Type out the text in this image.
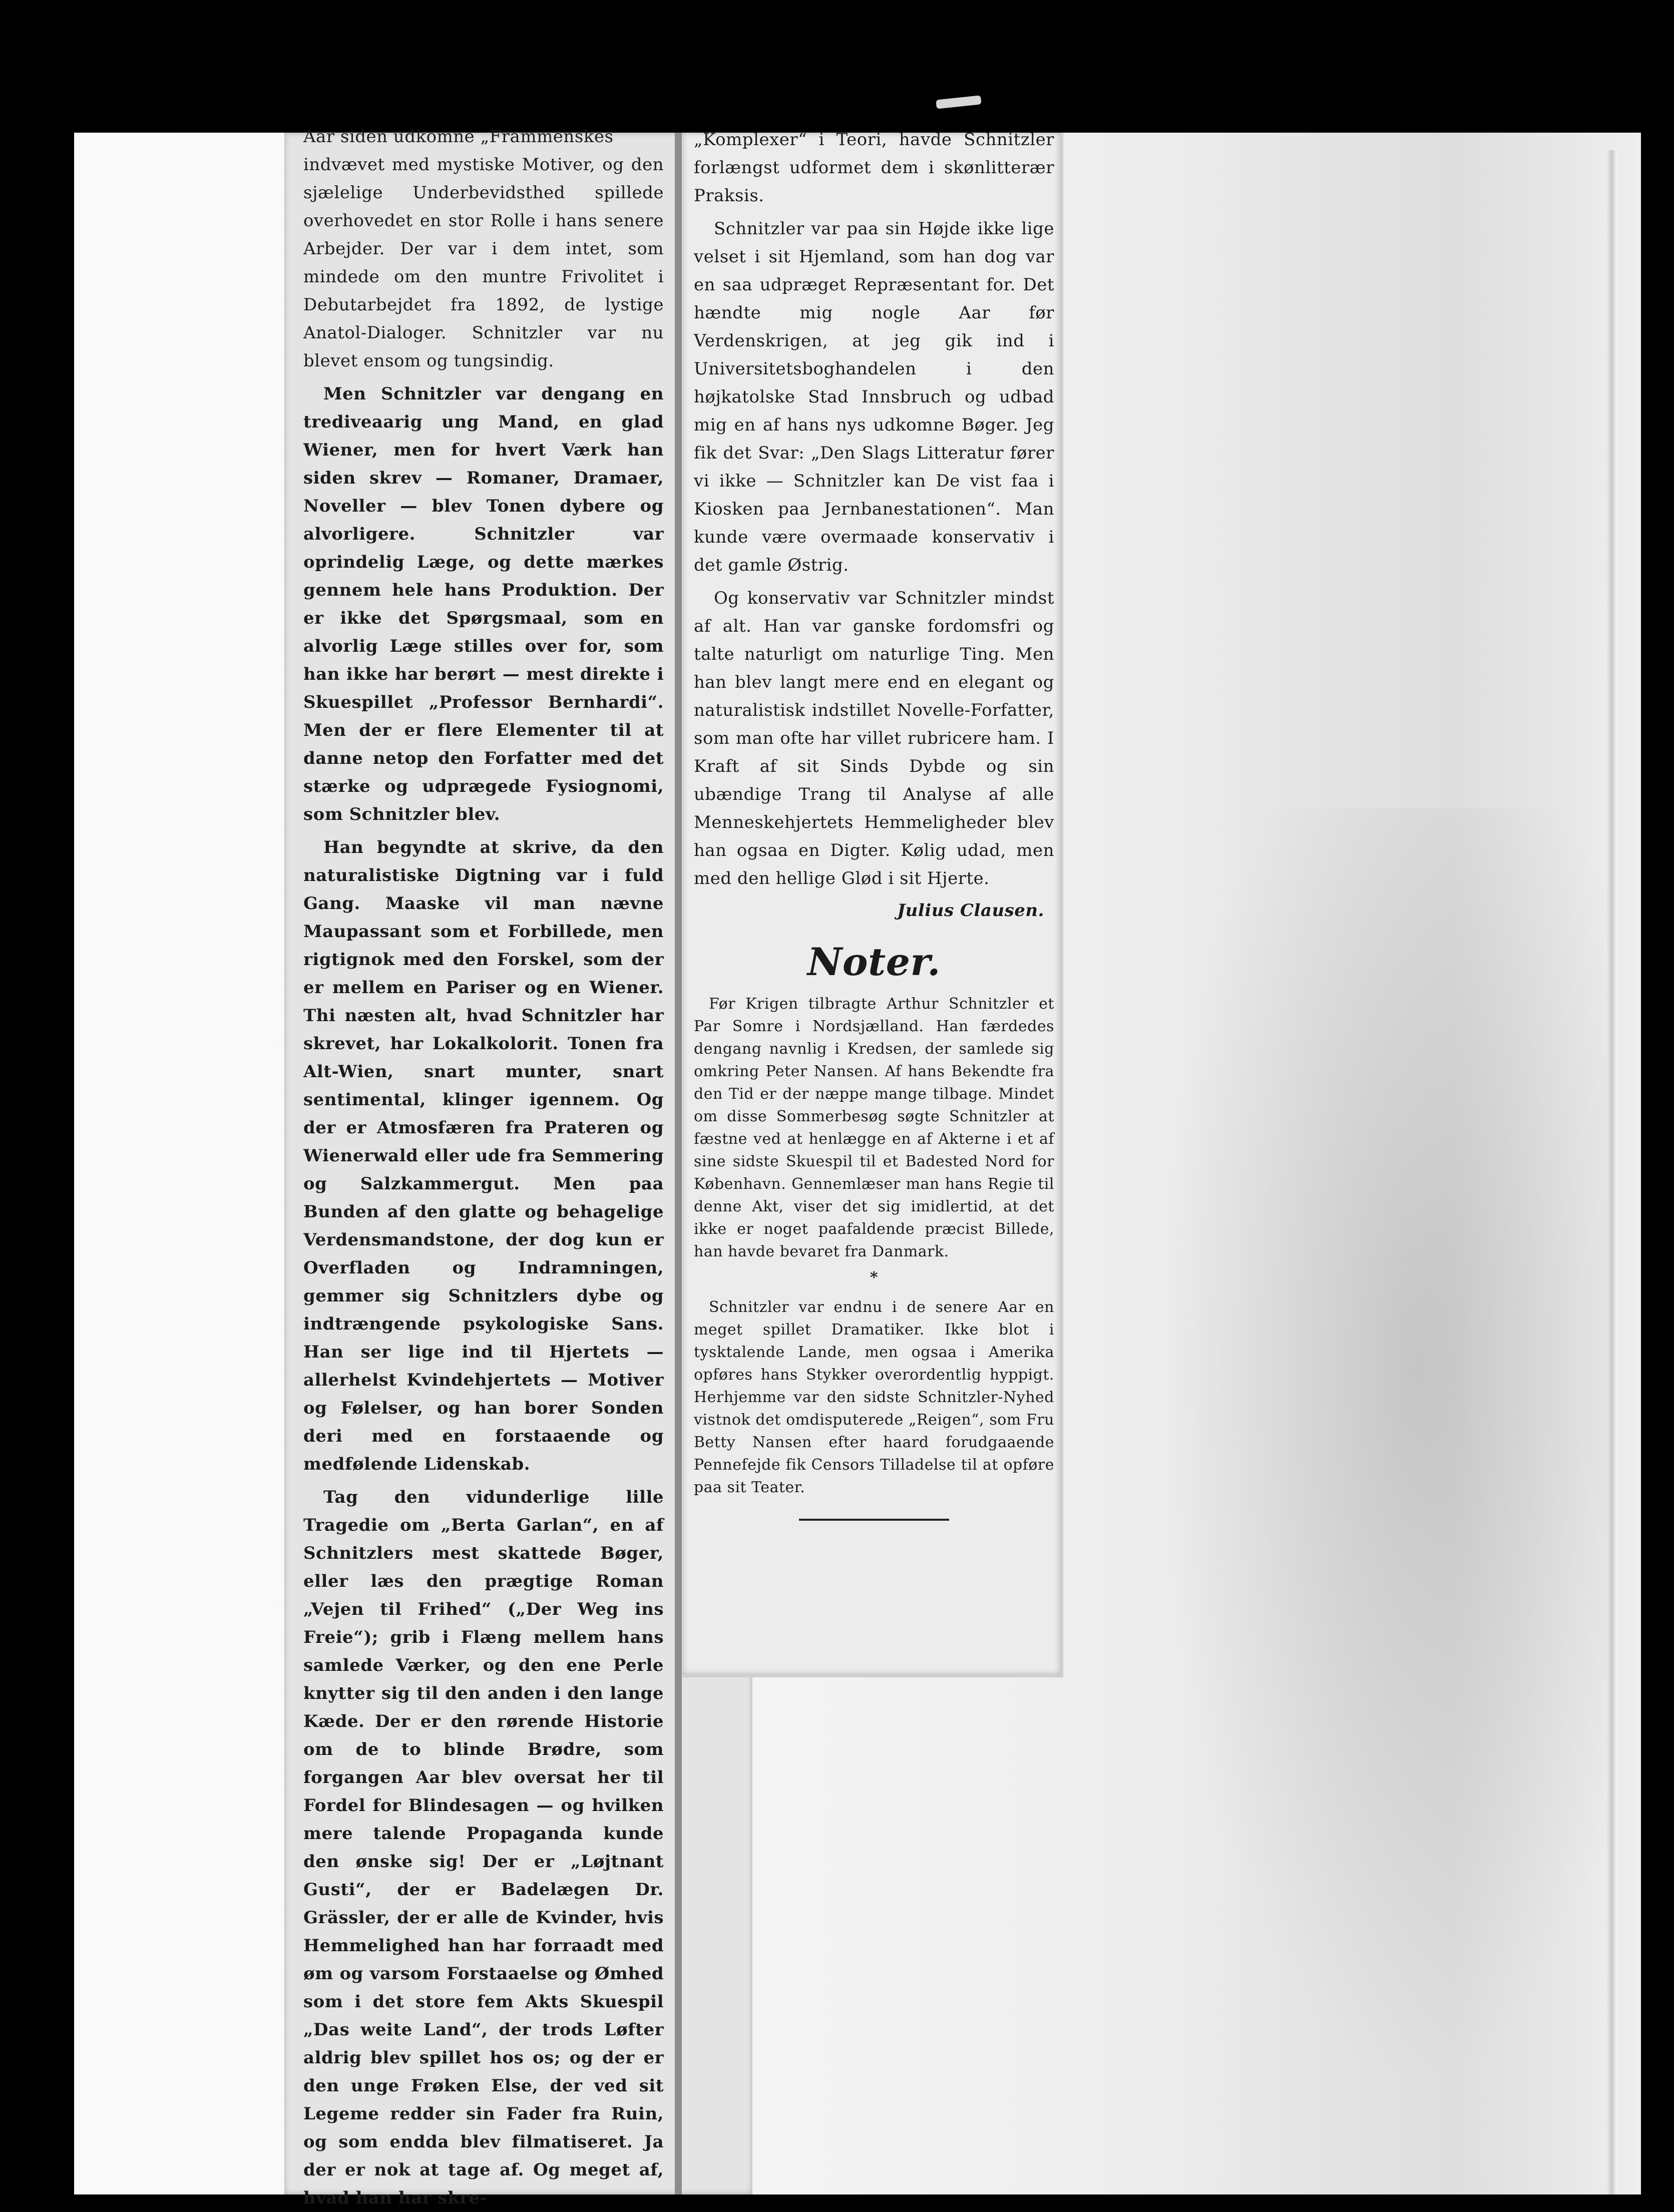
Aar siden udkomne „Frammenskes

indvævet med mystiske Motiver, og den sjælelige Underbevidsthed spillede overhovedet en stor Rolle i hans senere Arbejder. Der var i dem intet, som mindede om den muntre Frivolitet i Debutarbejdet fra 1892, de lystige Anatol-Dialoger. Schnitzler var nu blevet ensom og tungsindig.

Men Schnitzler var dengang en trediveaarig ung Mand, en glad Wiener, men for hvert Værk han siden skrev — Romaner, Dramaer, Noveller — blev Tonen dybere og alvorligere. Schnitzler var oprindelig Læge, og dette mærkes gennem hele hans Produktion. Der er ikke det Spørgsmaal, som en alvorlig Læge stilles over for, som han ikke har berørt — mest direkte i Skuespillet „Professor Bernhardi“. Men der er flere Elementer til at danne netop den Forfatter med det stærke og udprægede Fysiognomi, som Schnitzler blev.

Han begyndte at skrive, da den naturalistiske Digtning var i fuld Gang. Maaske vil man nævne Maupassant som et Forbillede, men rigtignok med den Forskel, som der er mellem en Pariser og en Wiener. Thi næsten alt, hvad Schnitzler har skrevet, har Lokalkolorit. Tonen fra Alt-Wien, snart munter, snart sentimental, klinger igennem. Og der er Atmosfæren fra Prateren og Wienerwald eller ude fra Semmering og Salzkammergut. Men paa Bunden af den glatte og behagelige Verdensmandstone, der dog kun er Overfladen og Indramningen, gemmer sig Schnitzlers dybe og indtrængende psykologiske Sans. Han ser lige ind til Hjertets — allerhelst Kvindehjertets — Motiver og Følelser, og han borer Sonden deri med en forstaaende og medfølende Lidenskab.

Tag den vidunderlige lille Tragedie om „Berta Garlan“, en af Schnitzlers mest skattede Bøger, eller læs den prægtige Roman „Vejen til Frihed“ („Der Weg ins Freie“); grib i Flæng mellem hans samlede Værker, og den ene Perle knytter sig til den anden i den lange Kæde. Der er den rørende Historie om de to blinde Brødre, som forgangen Aar blev oversat her til Fordel for Blindesagen — og hvilken mere talende Propaganda kunde den ønske sig! Der er „Løjtnant Gusti“, der er Badelægen Dr. Grässler, der er alle de Kvinder, hvis Hemmelighed han har forraadt med øm og varsom Forstaaelse og Ømhed som i det store fem Akts Skuespil „Das weite Land“, der trods Løfter aldrig blev spillet hos os; og der er den unge Frøken Else, der ved sit Legeme redder sin Fader fra Ruin, og som endda blev filmatiseret. Ja der er nok at tage af. Og meget af, hvad han har skre-

„Komplexer“ i Teori, havde Schnitzler forlængst udformet dem i skønlitterær Praksis.

Schnitzler var paa sin Højde ikke lige velset i sit Hjemland, som han dog var en saa udpræget Repræsentant for. Det hændte mig nogle Aar før Verdenskrigen, at jeg gik ind i Universitetsboghandelen i den højkatolske Stad Innsbruch og udbad mig en af hans nys udkomne Bøger. Jeg fik det Svar: „Den Slags Litteratur fører vi ikke — Schnitzler kan De vist faa i Kiosken paa Jernbanestationen“. Man kunde være overmaade konservativ i det gamle Østrig.

Og konservativ var Schnitzler mindst af alt. Han var ganske fordomsfri og talte naturligt om naturlige Ting. Men han blev langt mere end en elegant og naturalistisk indstillet Novelle-Forfatter, som man ofte har villet rubricere ham. I Kraft af sit Sinds Dybde og sin ubændige Trang til Analyse af alle Menneskehjertets Hemmeligheder blev han ogsaa en Digter. Kølig udad, men med den hellige Glød i sit Hjerte.

Julius Clausen.
Noter.

Før Krigen tilbragte Arthur Schnitzler et Par Somre i Nordsjælland. Han færdedes dengang navnlig i Kredsen, der samlede sig omkring Peter Nansen. Af hans Bekendte fra den Tid er der næppe mange tilbage. Mindet om disse Sommerbesøg søgte Schnitzler at fæstne ved at henlægge en af Akterne i et af sine sidste Skuespil til et Badested Nord for København. Gennemlæser man hans Regie til denne Akt, viser det sig imidlertid, at det ikke er noget paafaldende præcist Billede, han havde bevaret fra Danmark.

*

Schnitzler var endnu i de senere Aar en meget spillet Dramatiker. Ikke blot i tysktalende Lande, men ogsaa i Amerika opføres hans Stykker overordentlig hyppigt. Herhjemme var den sidste Schnitzler-Nyhed vistnok det omdisputerede „Reigen“, som Fru Betty Nansen efter haard forudgaaende Pennefejde fik Censors Tilladelse til at opføre paa sit Teater.
